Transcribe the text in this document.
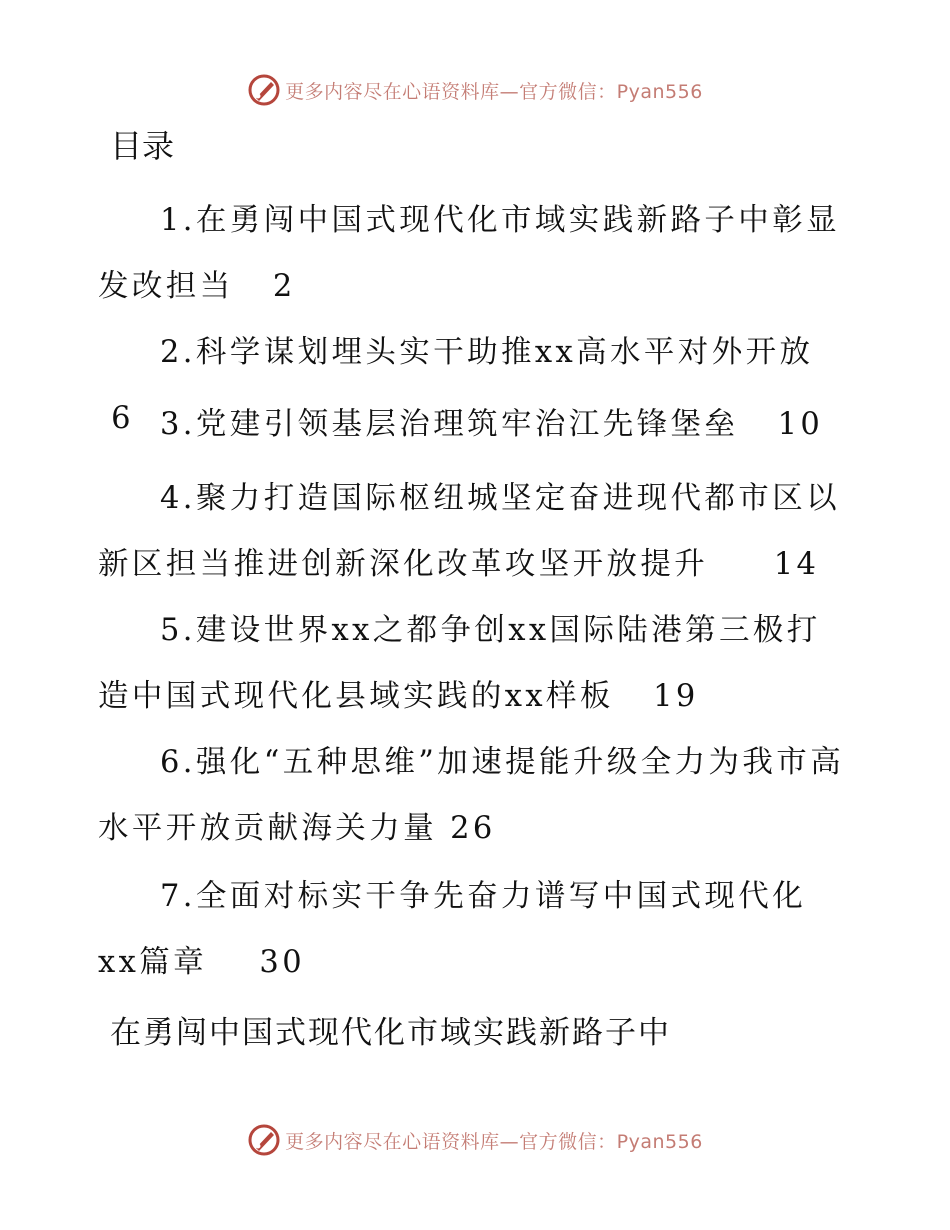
更多内容尽在心语资料库—官方微信：Pyan556
目录

1.在勇闯中国式现代化市域实践新路子中彰显发改担当 2

2.科学谋划埋头实干助推xx高水平对外开放 6 3.党建引领基层治理筑牢治江先锋堡垒 10

4.聚力打造国际枢纽城坚定奋进现代都市区以新区担当推进创新深化改革攻坚开放提升 14

5.建设世界xx之都争创xx国际陆港第三极打造中国式现代化县域实践的xx样板 19

6.强化“五种思维”加速提能升级全力为我市高水平开放贡献海关力量 26

7.全面对标实干争先奋力谱写中国式现代化xx篇章 30

在勇闯中国式现代化市域实践新路子中
更多内容尽在心语资料库—官方微信：Pyan556
